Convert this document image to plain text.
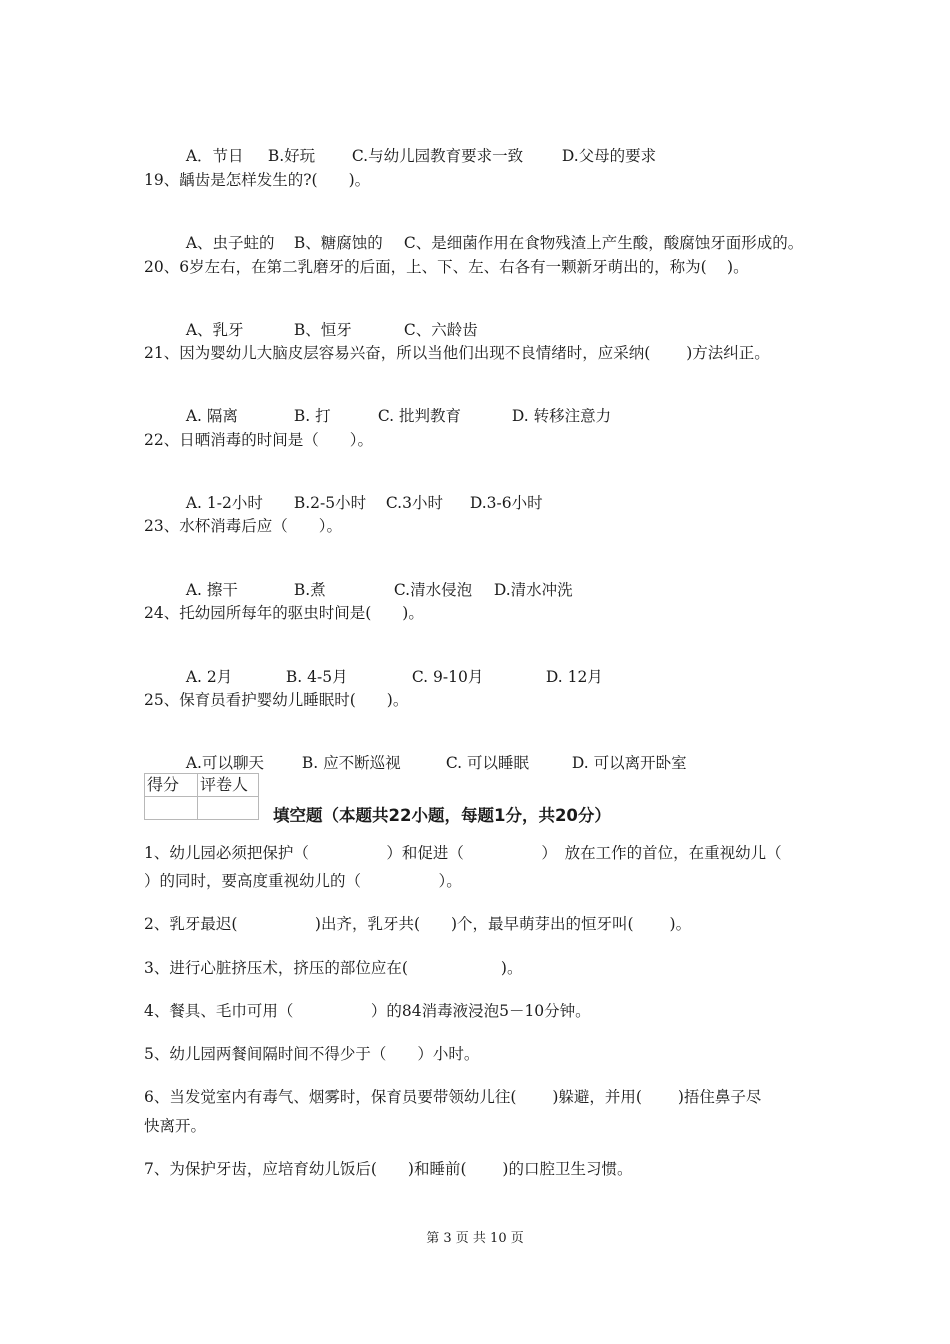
A．节日 B.好玩 C.与幼儿园教育要求一致	D.父母的要求

19、龋齿是怎样发生的?(　　)。

A、虫子蛀的 B、糖腐蚀的 C、是细菌作用在食物残渣上产生酸，酸腐蚀牙面形成的。

20、6岁左右，在第二乳磨牙的后面，上、下、左、右各有一颗新牙萌出的，称为(　 )。

A、乳牙	B、恒牙	C、六龄齿

21、因为婴幼儿大脑皮层容易兴奋，所以当他们出现不良情绪时，应采纳(　　 )方法纠正。

A. 隔离	B. 打	C. 批判教育	D. 转移注意力

22、日晒消毒的时间是（　　）。

A. 1-2小时 B.2-5小时 C.3小时 D.3-6小时

23、水杯消毒后应（　　）。

A. 擦干	B.煮	C.清水侵泡 D.清水冲洗

24、托幼园所每年的驱虫时间是(　　)。

A. 2月	B. 4-5月	C. 9-10月	D. 12月

25、保育员看护婴幼儿睡眠时(　　)。

A.可以聊天 B. 应不断巡视	C. 可以睡眠	D. 可以离开卧室

得分	评卷人

填空题（本题共22小题，每题1分，共20分）
1、幼儿园必须把保护（　　　　　）和促进（　　　　　）　放在工作的首位，在重视幼儿（
）的同时，要高度重视幼儿的（　　　　　）。
2、乳牙最迟(　　　　　)出齐，乳牙共(　　)个，最早萌芽出的恒牙叫(　　 )。
3、进行心脏挤压术，挤压的部位应在(　　　　　　)。
4、餐具、毛巾可用（　　　　　）的84消毒液浸泡5－10分钟。
5、幼儿园两餐间隔时间不得少于（　　）小时。
6、当发觉室内有毒气、烟雾时，保育员要带领幼儿往(　　 )躲避，并用(　　 )捂住鼻子尽
快离开。
7、为保护牙齿，应培育幼儿饭后(　　)和睡前(　　 )的口腔卫生习惯。
第 3 页 共 10 页
